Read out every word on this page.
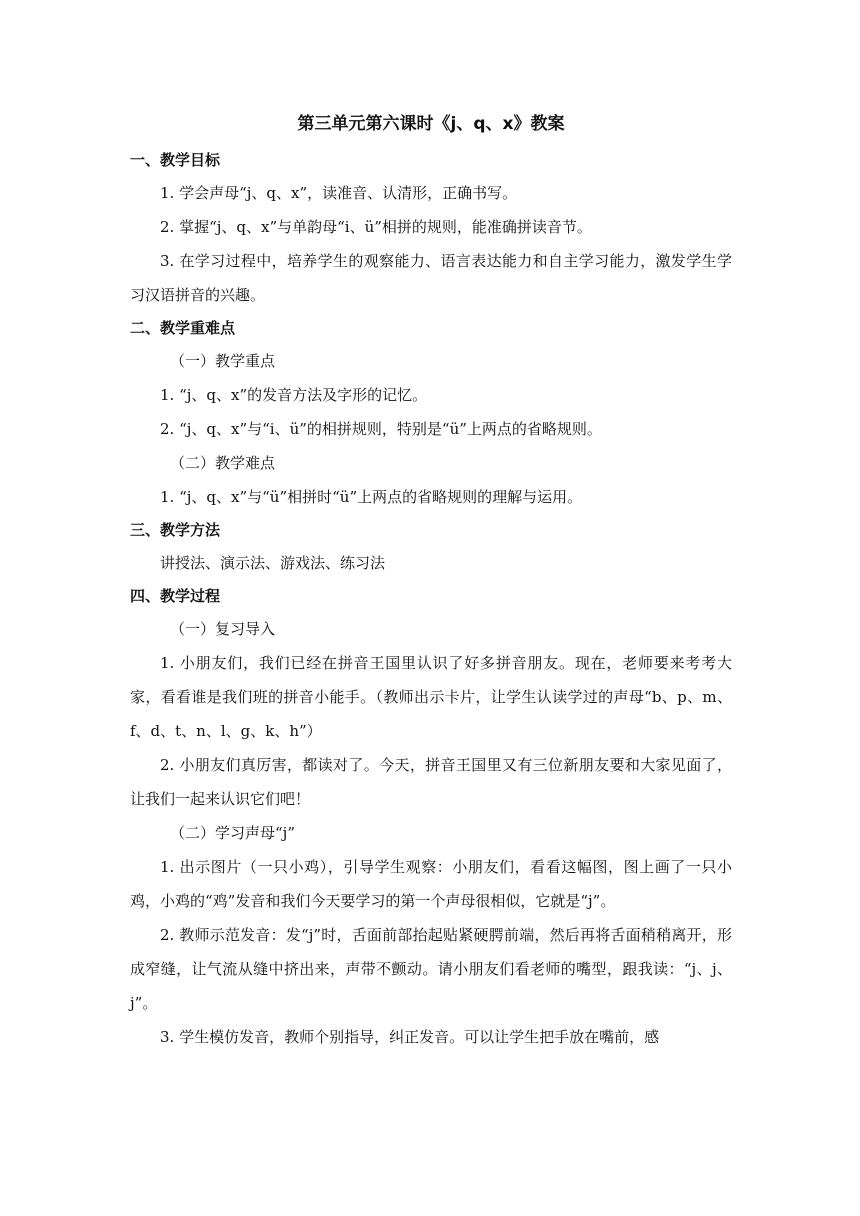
第三单元第六课时《j、q、x》教案
一、教学目标
1. 学会声母“j、q、x”，读准音、认清形，正确书写。
2. 掌握“j、q、x”与单韵母“i、ü”相拼的规则，能准确拼读音节。
3. 在学习过程中，培养学生的观察能力、语言表达能力和自主学习能力，激发学生学习汉语拼音的兴趣。
二、教学重难点
（一）教学重点
1. “j、q、x”的发音方法及字形的记忆。
2. “j、q、x”与“i、ü”的相拼规则，特别是“ü”上两点的省略规则。
（二）教学难点
1. “j、q、x”与“ü”相拼时“ü”上两点的省略规则的理解与运用。
三、教学方法
讲授法、演示法、游戏法、练习法
四、教学过程
（一）复习导入
1. 小朋友们，我们已经在拼音王国里认识了好多拼音朋友。现在，老师要来考考大家，看看谁是我们班的拼音小能手。（教师出示卡片，让学生认读学过的声母“b、p、m、f、d、t、n、l、g、k、h”）
2. 小朋友们真厉害，都读对了。今天，拼音王国里又有三位新朋友要和大家见面了，让我们一起来认识它们吧！
（二）学习声母“j”
1. 出示图片（一只小鸡），引导学生观察：小朋友们，看看这幅图，图上画了一只小鸡，小鸡的“鸡”发音和我们今天要学习的第一个声母很相似，它就是“j”。
2. 教师示范发音：发“j”时，舌面前部抬起贴紧硬腭前端，然后再将舌面稍稍离开，形成窄缝，让气流从缝中挤出来，声带不颤动。请小朋友们看老师的嘴型，跟我读：“j、j、j”。
3. 学生模仿发音，教师个别指导，纠正发音。可以让学生把手放在嘴前，感
